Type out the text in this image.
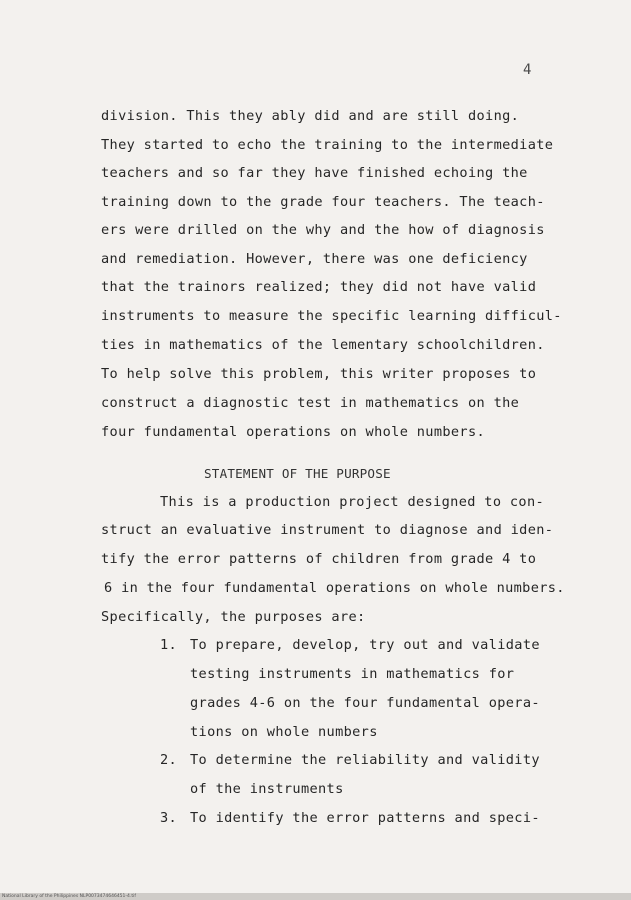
4
division. This they ably did and are still doing.
They started to echo the training to the intermediate
teachers and so far they have finished echoing the
training down to the grade four teachers. The teach-
ers were drilled on the why and the how of diagnosis
and remediation. However, there was one deficiency
that the trainors realized; they did not have valid
instruments to measure the specific learning difficul-
ties in mathematics of the lementary schoolchildren.
To help solve this problem, this writer proposes to
construct a diagnostic test in mathematics on the
four fundamental operations on whole numbers.
STATEMENT OF THE PURPOSE
This is a production project designed to con-
struct an evaluative instrument to diagnose and iden-
tify the error patterns of children from grade 4 to
6 in the four fundamental operations on whole numbers.
Specifically, the purposes are:
1. To prepare, develop, try out and validate
testing instruments in mathematics for
grades 4-6 on the four fundamental opera-
tions on whole numbers
2. To determine the reliability and validity
of the instruments
3. To identify the error patterns and speci-
National Library of the Philippines NLP0073474646451-4.tif
